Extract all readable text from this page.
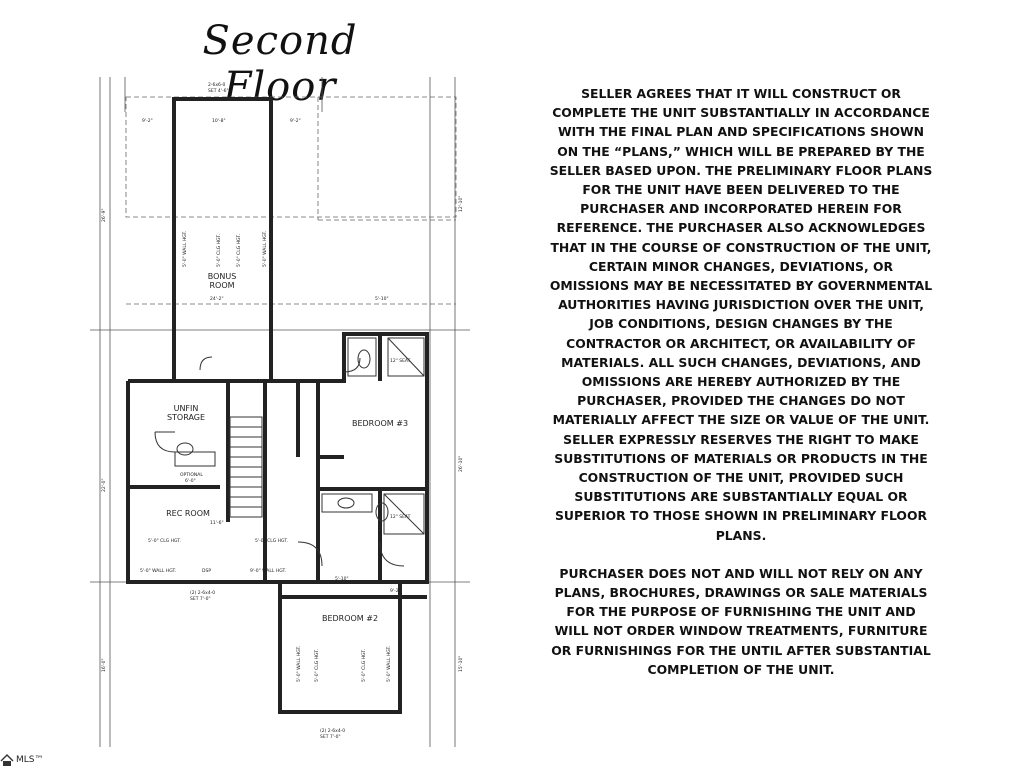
Second Floor
2-6x6-0
SET 4'-6"
9'-2"	10'-8"	9'-2"
24'-2"	5'-10"
11'-6"
5'-10"
9'-2"
(2) 2-6x4-0
SET 7'-0"
12" SEAT
12" SEAT
5'-0" WALL HGT.	DSP	9'-0" WALL HGT.
5'-0" CLG HGT.	5'-0" CLG HGT.
OPTIONAL
6'-0"
(2) 2-6x4-0
SET 7'-0"
5'-0" WALL HGT.	5'-0" CLG HGT.	5'-0" CLG HGT.	5'-0" WALL HGT.
5'-0" WALL HGT.	5'-0" CLG HGT.	5'-0" CLG HGT.	5'-0" WALL HGT.
26'-9"
22'-0"
16'-0"
12'-10"
26'-10"
15'-10"
BONUS ROOM
UNFIN STORAGE
REC ROOM
BEDROOM #3
BEDROOM #2

SELLER AGREES THAT IT WILL CONSTRUCT OR COMPLETE THE UNIT SUBSTANTIALLY IN ACCORDANCE WITH THE FINAL PLAN AND SPECIFICATIONS SHOWN ON THE “PLANS,” WHICH WILL BE PREPARED BY THE SELLER BASED UPON. THE PRELIMINARY FLOOR PLANS FOR THE UNIT HAVE BEEN DELIVERED TO THE PURCHASER AND INCORPORATED HEREIN FOR REFERENCE. THE PURCHASER ALSO ACKNOWLEDGES THAT IN THE COURSE OF CONSTRUCTION OF THE UNIT, CERTAIN MINOR CHANGES, DEVIATIONS, OR OMISSIONS MAY BE NECESSITATED BY GOVERNMENTAL AUTHORITIES HAVING JURISDICTION OVER THE UNIT, JOB CONDITIONS, DESIGN CHANGES BY THE CONTRACTOR OR ARCHITECT, OR AVAILABILITY OF MATERIALS. ALL SUCH CHANGES, DEVIATIONS, AND OMISSIONS ARE HEREBY AUTHORIZED BY THE PURCHASER, PROVIDED THE CHANGES DO NOT MATERIALLY AFFECT THE SIZE OR VALUE OF THE UNIT. SELLER EXPRESSLY RESERVES THE RIGHT TO MAKE SUBSTITUTIONS OF MATERIALS OR PRODUCTS IN THE CONSTRUCTION OF THE UNIT, PROVIDED SUCH SUBSTITUTIONS ARE SUBSTANTIALLY EQUAL OR SUPERIOR TO THOSE SHOWN IN PRELIMINARY FLOOR PLANS.

PURCHASER DOES NOT AND WILL NOT RELY ON ANY PLANS, BROCHURES, DRAWINGS OR SALE MATERIALS FOR THE PURPOSE OF FURNISHING THE UNIT AND WILL NOT ORDER WINDOW TREATMENTS, FURNITURE OR FURNISHINGS FOR THE UNTIL AFTER SUBSTANTIAL COMPLETION OF THE UNIT.

MLS™
